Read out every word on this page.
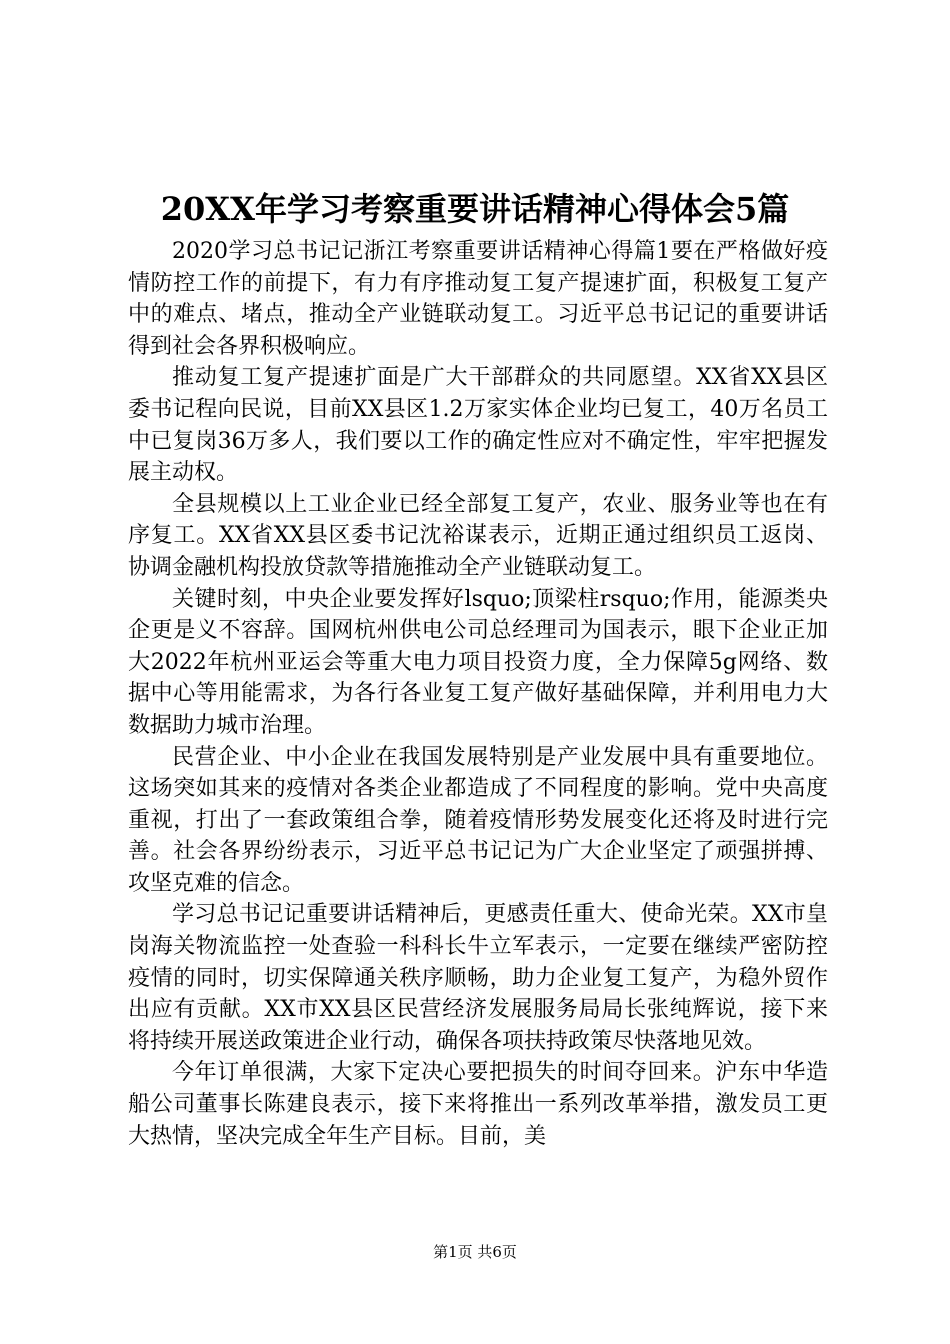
20XX年学习考察重要讲话精神心得体会5篇

2020学习总书记记浙江考察重要讲话精神心得篇1要在严格做好疫情防控工作的前提下，有力有序推动复工复产提速扩面，积极复工复产中的难点、堵点，推动全产业链联动复工。习近平总书记记的重要讲话得到社会各界积极响应。

推动复工复产提速扩面是广大干部群众的共同愿望。XX省XX县区委书记程向民说，目前XX县区1.2万家实体企业均已复工，40万名员工中已复岗36万多人，我们要以工作的确定性应对不确定性，牢牢把握发展主动权。

全县规模以上工业企业已经全部复工复产，农业、服务业等也在有序复工。XX省XX县区委书记沈裕谋表示，近期正通过组织员工返岗、协调金融机构投放贷款等措施推动全产业链联动复工。

关键时刻，中央企业要发挥好lsquo;顶梁柱rsquo;作用，能源类央企更是义不容辞。国网杭州供电公司总经理司为国表示，眼下企业正加大2022年杭州亚运会等重大电力项目投资力度，全力保障5g网络、数据中心等用能需求，为各行各业复工复产做好基础保障，并利用电力大数据助力城市治理。

民营企业、中小企业在我国发展特别是产业发展中具有重要地位。这场突如其来的疫情对各类企业都造成了不同程度的影响。党中央高度重视，打出了一套政策组合拳，随着疫情形势发展变化还将及时进行完善。社会各界纷纷表示，习近平总书记记为广大企业坚定了顽强拼搏、攻坚克难的信念。

学习总书记记重要讲话精神后，更感责任重大、使命光荣。XX市皇岗海关物流监控一处查验一科科长牛立军表示，一定要在继续严密防控疫情的同时，切实保障通关秩序顺畅，助力企业复工复产，为稳外贸作出应有贡献。XX市XX县区民营经济发展服务局局长张纯辉说，接下来将持续开展送政策进企业行动，确保各项扶持政策尽快落地见效。

今年订单很满，大家下定决心要把损失的时间夺回来。沪东中华造船公司董事长陈建良表示，接下来将推出一系列改革举措，激发员工更大热情，坚决完成全年生产目标。目前，美

第1页 共6页
